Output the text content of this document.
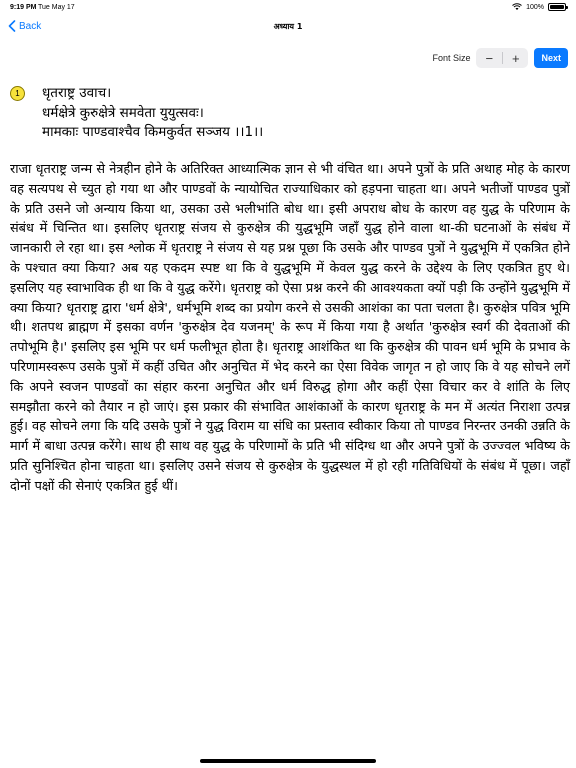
9:19 PM Tue May 17	100%
Back	अध्याय 1
Font Size	−	+	Next
1	धृतराष्ट्र उवाच।
धर्मक्षेत्रे कुरुक्षेत्रे समवेता युयुत्सवः।
मामकाः पाण्डवाश्चैव किमकुर्वत सञ्जय ।।1।।
राजा धृतराष्ट्र जन्म से नेत्रहीन होने के अतिरिक्त आध्यात्मिक ज्ञान से भी वंचित था। अपने पुत्रों के प्रति अथाह मोह के कारण वह सत्यपथ से च्युत हो गया था और पाण्डवों के न्यायोचित राज्याधिकार को हड़पना चाहता था। अपने भतीजों पाण्डव पुत्रों के प्रति उसने जो अन्याय किया था, उसका उसे भलीभांति बोध था। इसी अपराध बोध के कारण वह युद्ध के परिणाम के संबंध में चिन्तित था। इसलिए धृतराष्ट्र संजय से कुरुक्षेत्र की युद्धभूमि जहाँ युद्ध होने वाला था-की घटनाओं के संबंध में जानकारी ले रहा था। इस श्लोक में धृतराष्ट्र ने संजय से यह प्रश्न पूछा कि उसके और पाण्डव पुत्रों ने युद्धभूमि में एकत्रित होने के पश्चात क्या किया? अब यह एकदम स्पष्ट था कि वे युद्धभूमि में केवल युद्ध करने के उद्देश्य के लिए एकत्रित हुए थे। इसलिए यह स्वाभाविक ही था कि वे युद्ध करेंगे। धृतराष्ट्र को ऐसा प्रश्न करने की आवश्यकता क्यों पड़ी कि उन्होंने युद्धभूमि में क्या किया? धृतराष्ट्र द्वारा 'धर्म क्षेत्रे', धर्मभूमि शब्द का प्रयोग करने से उसकी आशंका का पता चलता है। कुरुक्षेत्र पवित्र भूमि थी। शतपथ ब्राह्मण में इसका वर्णन 'कुरुक्षेत्र देव यजनम्' के रूप में किया गया है अर्थात 'कुरुक्षेत्र स्वर्ग की देवताओं की तपोभूमि है।' इसलिए इस भूमि पर धर्म फलीभूत होता है। धृतराष्ट्र आशंकित था कि कुरुक्षेत्र की पावन धर्म भूमि के प्रभाव के परिणामस्वरूप उसके पुत्रों में कहीं उचित और अनुचित में भेद करने का ऐसा विवेक जागृत न हो जाए कि वे यह सोचने लगें कि अपने स्वजन पाण्डवों का संहार करना अनुचित और धर्म विरुद्ध होगा और कहीं ऐसा विचार कर वे शांति के लिए समझौता करने को तैयार न हो जाएं। इस प्रकार की संभावित आशंकाओं के कारण धृतराष्ट्र के मन में अत्यंत निराशा उत्पन्न हुई। वह सोचने लगा कि यदि उसके पुत्रों ने युद्ध विराम या संधि का प्रस्ताव स्वीकार किया तो पाण्डव निरन्तर उनकी उन्नति के मार्ग में बाधा उत्पन्न करेंगे। साथ ही साथ वह युद्ध के परिणामों के प्रति भी संदिग्ध था और अपने पुत्रों के उज्ज्वल भविष्य के प्रति सुनिश्चित होना चाहता था। इसलिए उसने संजय से कुरुक्षेत्र के युद्धस्थल में हो रही गतिविधियों के संबंध में पूछा। जहाँ दोनों पक्षों की सेनाएं एकत्रित हुई थीं।
